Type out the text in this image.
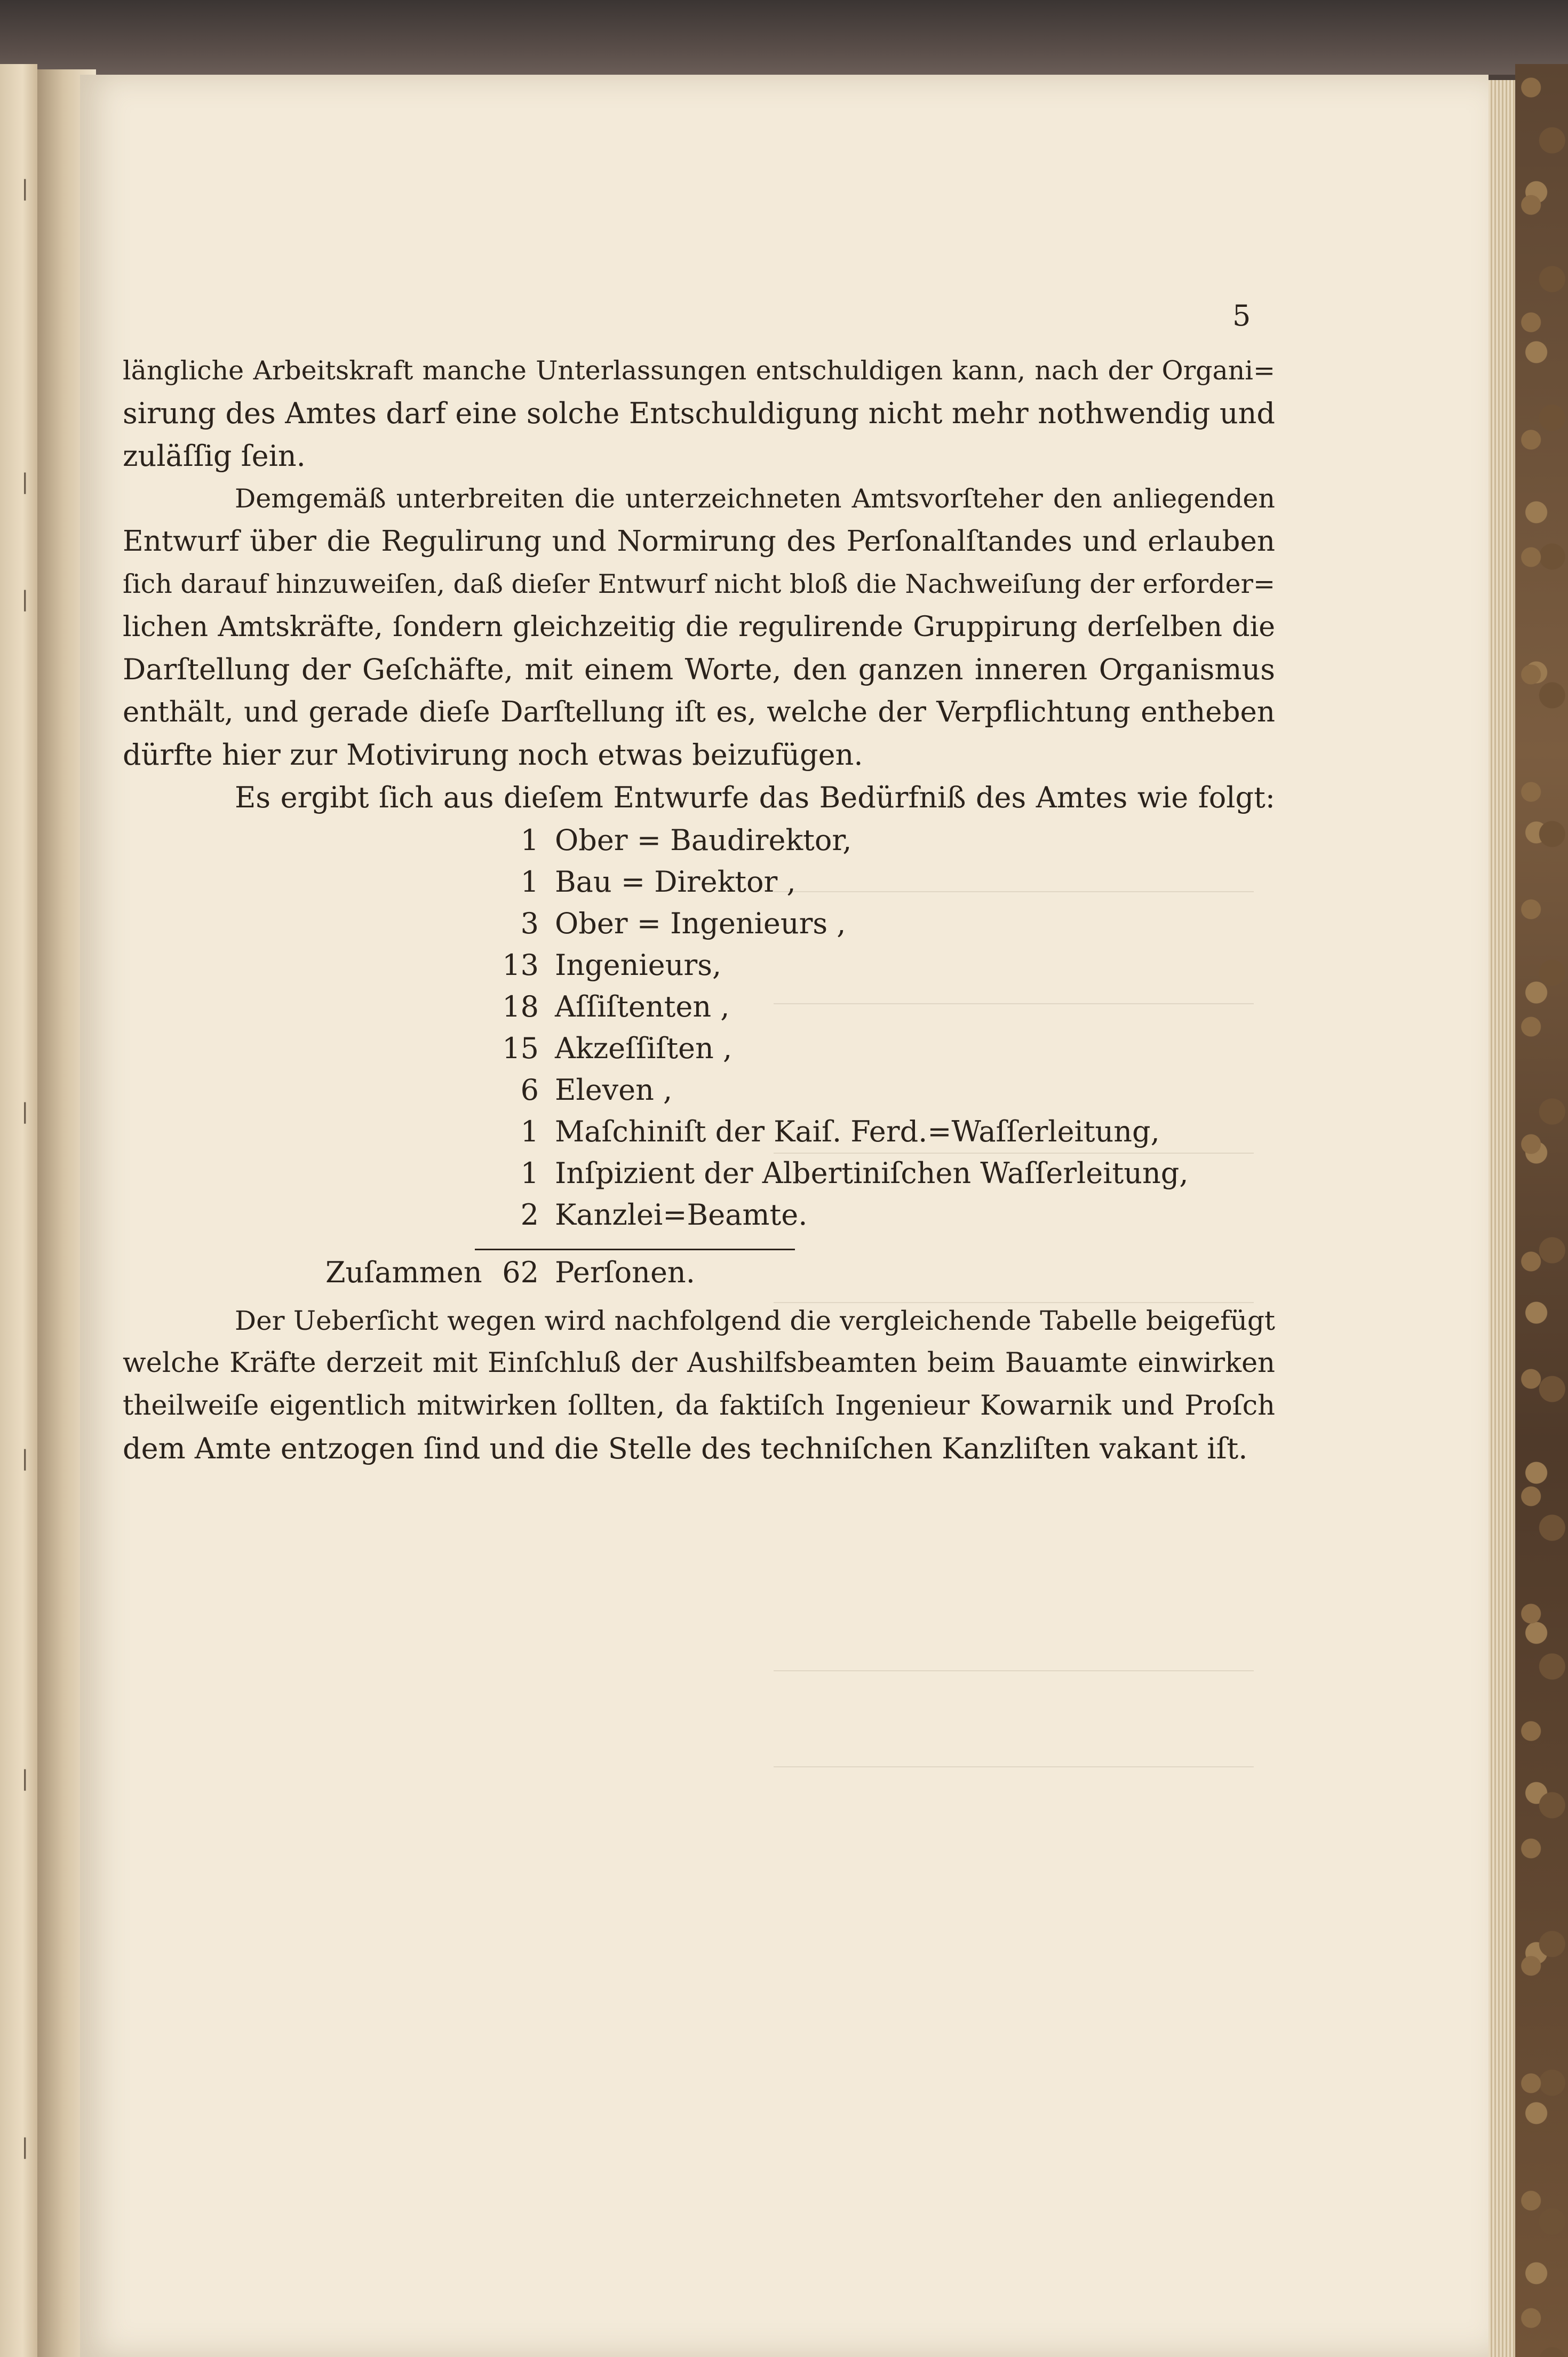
|
|
|
|
|
|
|
5
längliche Arbeitskraft manche Unterlassungen entschuldigen kann, nach der Organi=
sirung des Amtes darf eine solche Entschuldigung nicht mehr nothwendig und
zuläſſig ſein.
Demgemäß unterbreiten die unterzeichneten Amtsvorſteher den anliegenden
Entwurf über die Regulirung und Normirung des Perſonalſtandes und erlauben
ſich darauf hinzuweiſen, daß dieſer Entwurf nicht bloß die Nachweiſung der erforder=
lichen Amtskräfte, ſondern gleichzeitig die regulirende Gruppirung derſelben die
Darſtellung der Geſchäfte, mit einem Worte, den ganzen inneren Organismus
enthält, und gerade dieſe Darſtellung iſt es, welche der Verpflichtung entheben
dürfte hier zur Motivirung noch etwas beizufügen.
Es ergibt ſich aus dieſem Entwurfe das Bedürfniß des Amtes wie folgt:
1 Ober = Baudirektor,
1 Bau = Direktor ,
3 Ober = Ingenieurs ,
13 Ingenieurs,
18 Aſſiſtenten ,
15 Akzeſſiſten ,
6 Eleven ,
1 Maſchiniſt der Kaiſ. Ferd.=Waſſerleitung,
1 Inſpizient der Albertiniſchen Waſſerleitung,
2 Kanzlei=Beamte.
Zuſammen 62 Perſonen.
Der Ueberſicht wegen wird nachfolgend die vergleichende Tabelle beigefügt
welche Kräfte derzeit mit Einſchluß der Aushilfsbeamten beim Bauamte einwirken
theilweiſe eigentlich mitwirken ſollten, da faktiſch Ingenieur Kowarnik und Proſch
dem Amte entzogen ſind und die Stelle des techniſchen Kanzliſten vakant iſt.
